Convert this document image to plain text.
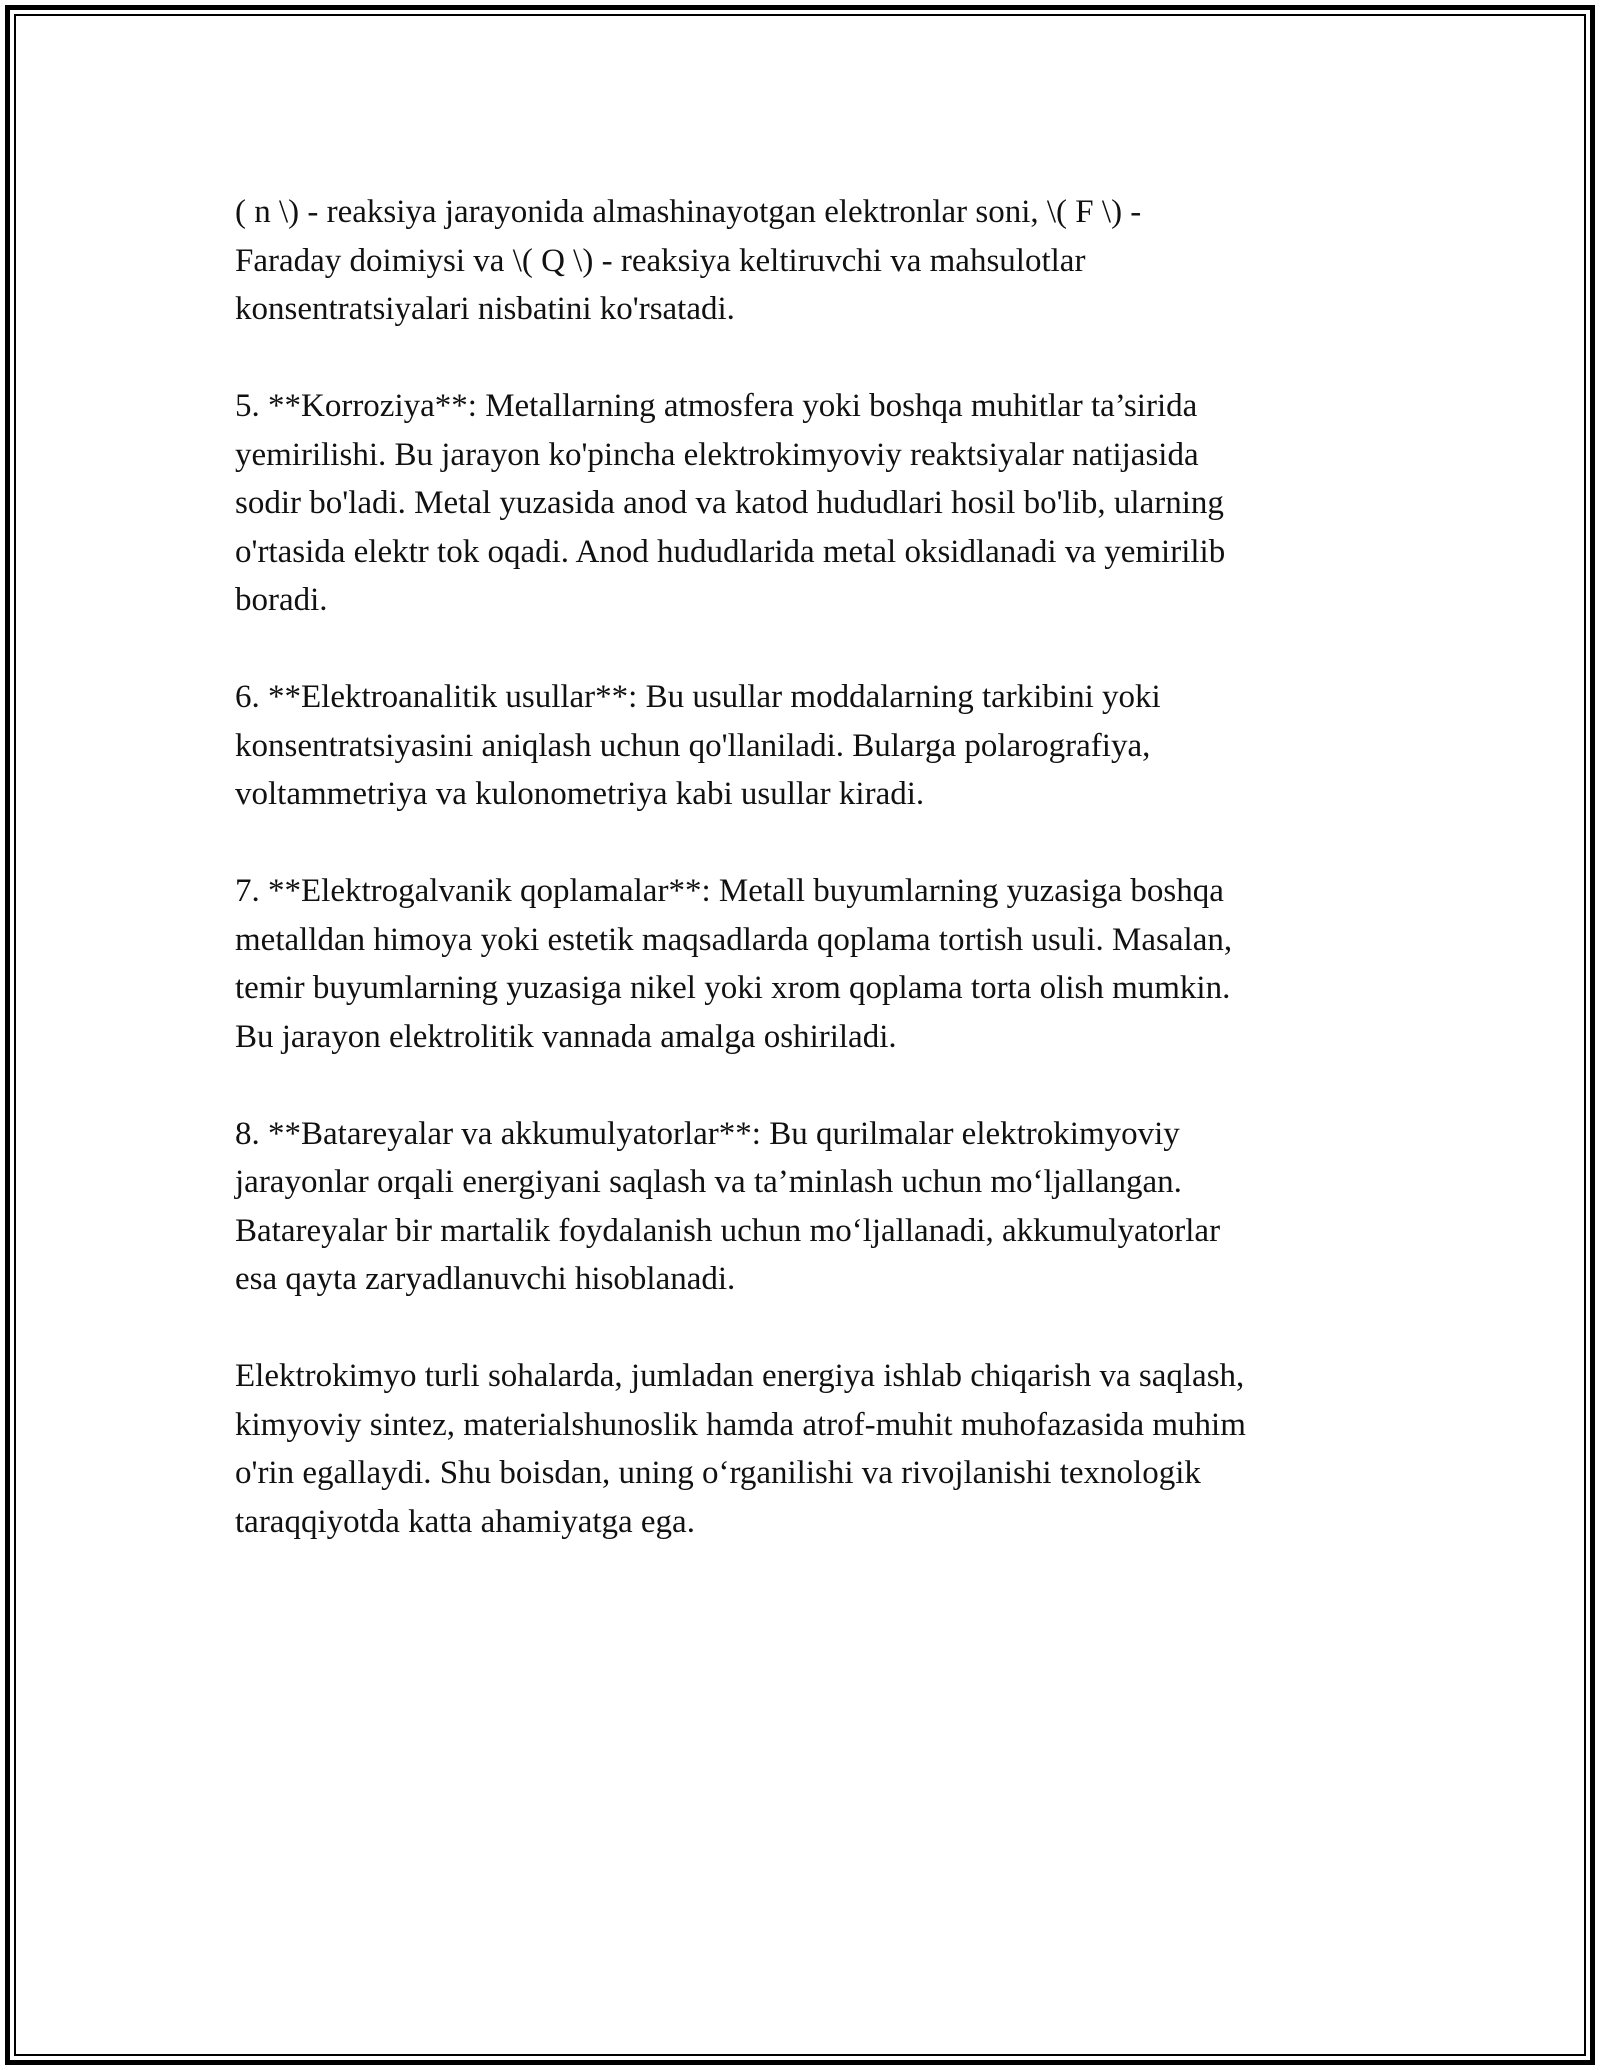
( n \) - reaksiya jarayonida almashinayotgan elektronlar soni, \( F \) -
Faraday doimiysi va \( Q \) - reaksiya keltiruvchi va mahsulotlar
konsentratsiyalari nisbatini ko'rsatadi.

5. **Korroziya**: Metallarning atmosfera yoki boshqa muhitlar ta’sirida
yemirilishi. Bu jarayon ko'pincha elektrokimyoviy reaktsiyalar natijasida
sodir bo'ladi. Metal yuzasida anod va katod hududlari hosil bo'lib, ularning
o'rtasida elektr tok oqadi. Anod hududlarida metal oksidlanadi va yemirilib
boradi.

6. **Elektroanalitik usullar**: Bu usullar moddalarning tarkibini yoki
konsentratsiyasini aniqlash uchun qo'llaniladi. Bularga polarografiya,
voltammetriya va kulonometriya kabi usullar kiradi.

7. **Elektrogalvanik qoplamalar**: Metall buyumlarning yuzasiga boshqa
metalldan himoya yoki estetik maqsadlarda qoplama tortish usuli. Masalan,
temir buyumlarning yuzasiga nikel yoki xrom qoplama torta olish mumkin.
Bu jarayon elektrolitik vannada amalga oshiriladi.

8. **Batareyalar va akkumulyatorlar**: Bu qurilmalar elektrokimyoviy
jarayonlar orqali energiyani saqlash va ta’minlash uchun mo‘ljallangan.
Batareyalar bir martalik foydalanish uchun mo‘ljallanadi, akkumulyatorlar
esa qayta zaryadlanuvchi hisoblanadi.

Elektrokimyo turli sohalarda, jumladan energiya ishlab chiqarish va saqlash,
kimyoviy sintez, materialshunoslik hamda atrof-muhit muhofazasida muhim
o'rin egallaydi. Shu boisdan, uning o‘rganilishi va rivojlanishi texnologik
taraqqiyotda katta ahamiyatga ega.
